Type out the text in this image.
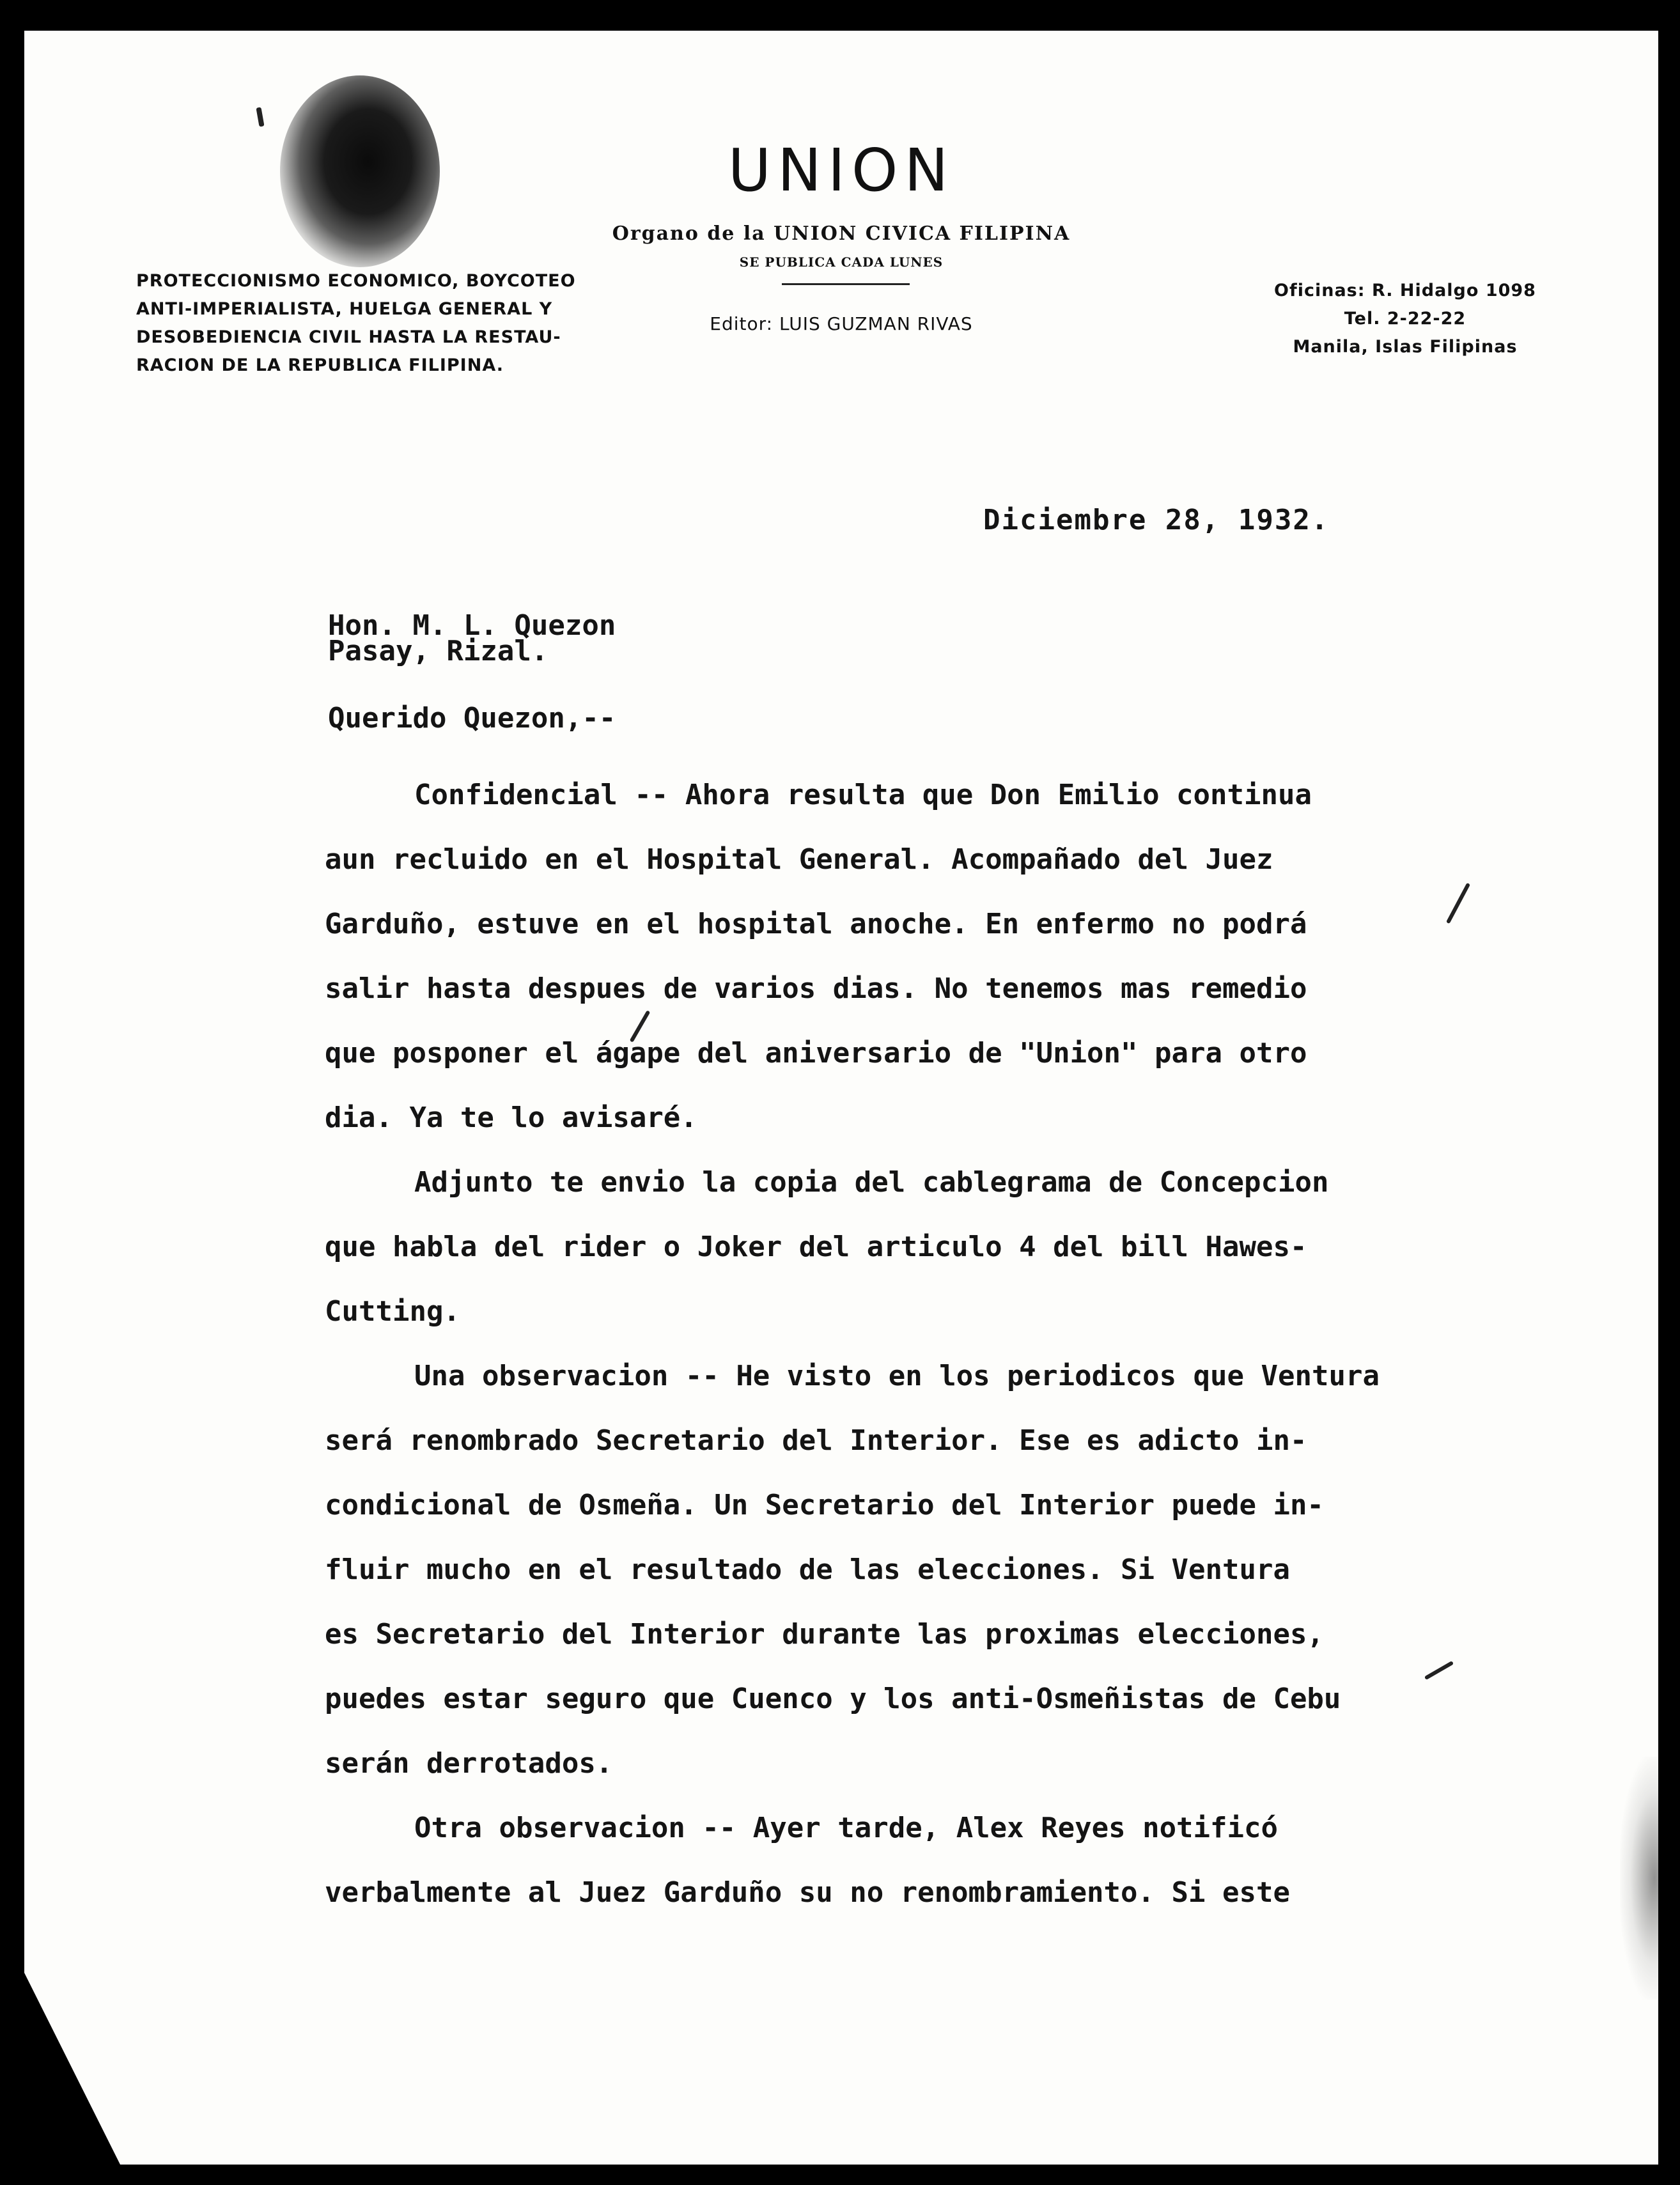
UNION
Organo de la UNION CIVICA FILIPINA
SE PUBLICA CADA LUNES
Editor: LUIS GUZMAN RIVAS
PROTECCIONISMO ECONOMICO, BOYCOTEO
ANTI-IMPERIALISTA, HUELGA GENERAL Y
DESOBEDIENCIA CIVIL HASTA LA RESTAU-
RACION DE LA REPUBLICA FILIPINA.
Oficinas: R. Hidalgo 1098
Tel. 2-22-22
Manila, Islas Filipinas
Diciembre 28, 1932.
Hon. M. L. Quezon
Pasay, Rizal.
Querido Quezon,--
Confidencial -- Ahora resulta que Don Emilio continua
aun recluido en el Hospital General. Acompañado del Juez
Garduño, estuve en el hospital anoche. En enfermo no podrá
salir hasta despues de varios dias. No tenemos mas remedio
que posponer el ágape del aniversario de "Union" para otro
dia. Ya te lo avisaré.
Adjunto te envio la copia del cablegrama de Concepcion
que habla del rider o Joker del articulo 4 del bill Hawes-
Cutting.
Una observacion -- He visto en los periodicos que Ventura
será renombrado Secretario del Interior. Ese es adicto in-
condicional de Osmeña. Un Secretario del Interior puede in-
fluir mucho en el resultado de las elecciones. Si Ventura
es Secretario del Interior durante las proximas elecciones,
puedes estar seguro que Cuenco y los anti-Osmeñistas de Cebu
serán derrotados.
Otra observacion -- Ayer tarde, Alex Reyes notificó
verbalmente al Juez Garduño su no renombramiento. Si este
